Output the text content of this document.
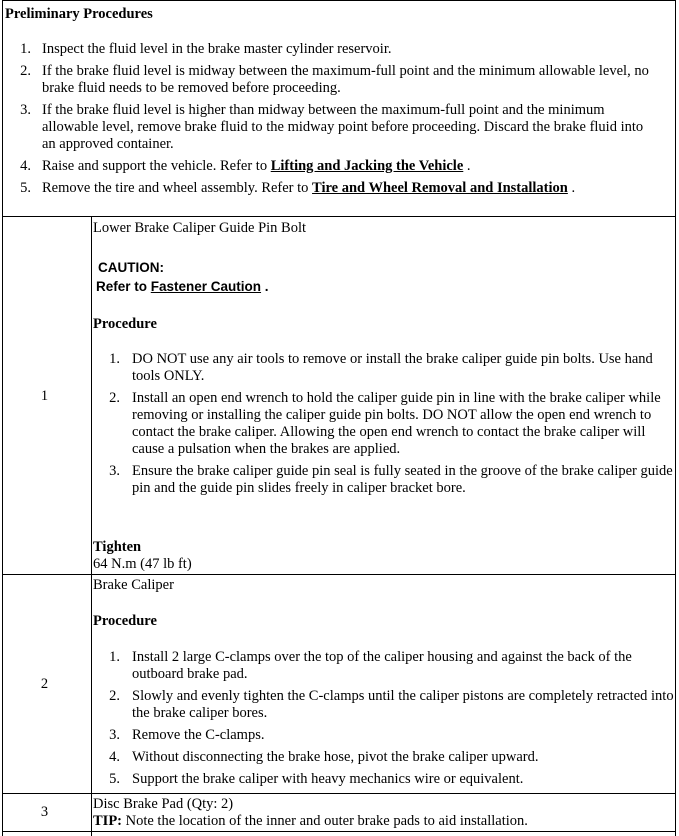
Preliminary Procedures
1. Inspect the fluid level in the brake master cylinder reservoir.
2. If the brake fluid level is midway between the maximum-full point and the minimum allowable level, no brake fluid needs to be removed before proceeding.
3. If the brake fluid level is higher than midway between the maximum-full point and the minimum allowable level, remove brake fluid to the midway point before proceeding. Discard the brake fluid into an approved container.
4. Raise and support the vehicle. Refer to Lifting and Jacking the Vehicle .
5. Remove the tire and wheel assembly. Refer to Tire and Wheel Removal and Installation .
1
Lower Brake Caliper Guide Pin Bolt
CAUTION:
Refer to Fastener Caution .
Procedure
1. DO NOT use any air tools to remove or install the brake caliper guide pin bolts. Use hand tools ONLY.
2. Install an open end wrench to hold the caliper guide pin in line with the brake caliper while removing or installing the caliper guide pin bolts. DO NOT allow the open end wrench to contact the brake caliper. Allowing the open end wrench to contact the brake caliper will cause a pulsation when the brakes are applied.
3. Ensure the brake caliper guide pin seal is fully seated in the groove of the brake caliper guide pin and the guide pin slides freely in caliper bracket bore.
Tighten
64 N.m (47 lb ft)
2
Brake Caliper
Procedure
1. Install 2 large C-clamps over the top of the caliper housing and against the back of the outboard brake pad.
2. Slowly and evenly tighten the C-clamps until the caliper pistons are completely retracted into the brake caliper bores.
3. Remove the C-clamps.
4. Without disconnecting the brake hose, pivot the brake caliper upward.
5. Support the brake caliper with heavy mechanics wire or equivalent.
3	Disc Brake Pad (Qty: 2)
TIP: Note the location of the inner and outer brake pads to aid installation.
